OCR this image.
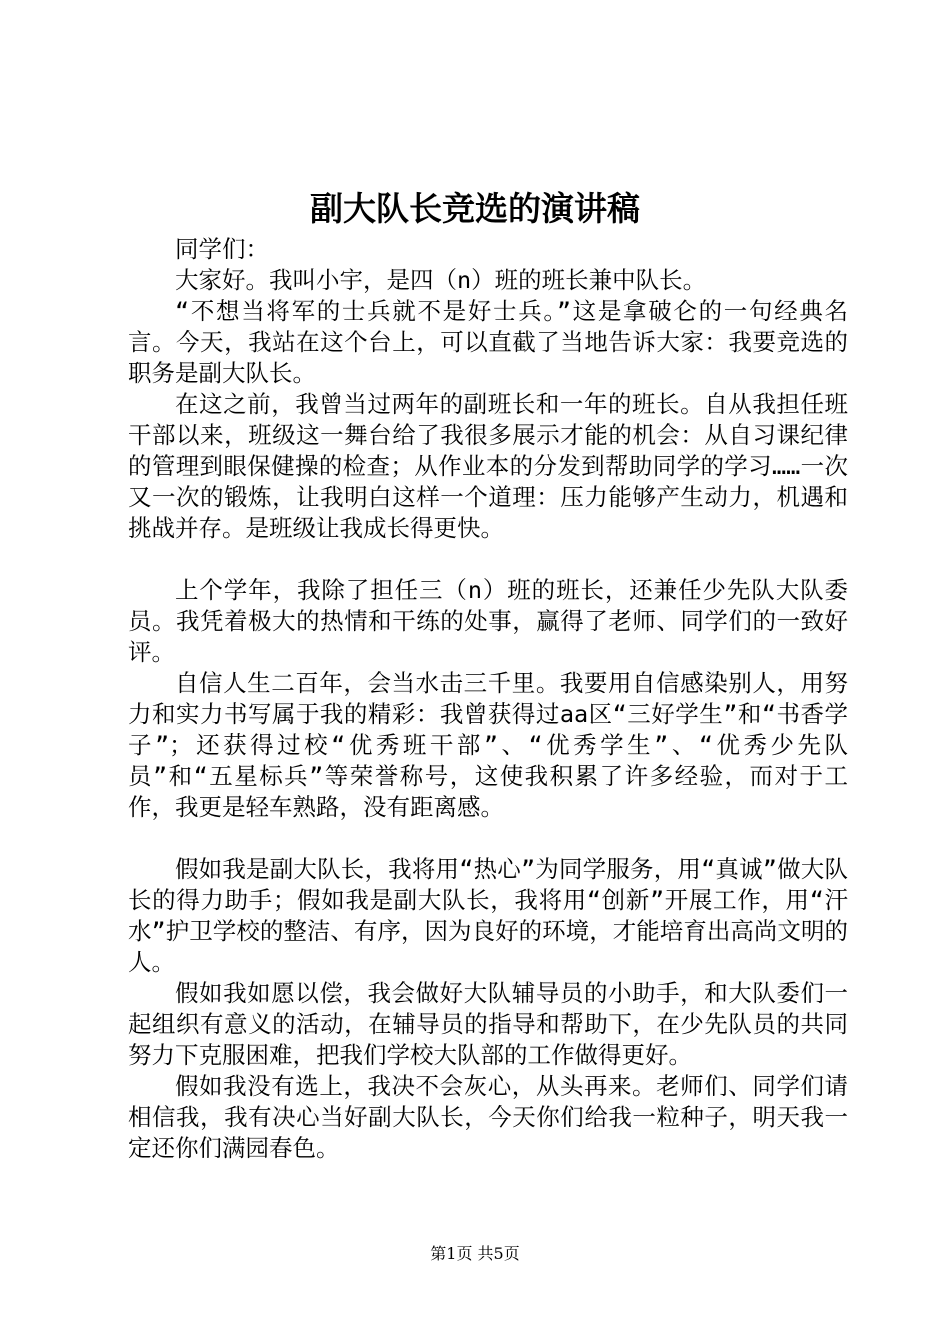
副大队长竞选的演讲稿

同学们：

大家好。我叫小宇，是四（n）班的班长兼中队长。

“不想当将军的士兵就不是好士兵。”这是拿破仑的一句经典名言。今天，我站在这个台上，可以直截了当地告诉大家：我要竞选的职务是副大队长。

在这之前，我曾当过两年的副班长和一年的班长。自从我担任班干部以来，班级这一舞台给了我很多展示才能的机会：从自习课纪律的管理到眼保健操的检查；从作业本的分发到帮助同学的学习……一次又一次的锻炼，让我明白这样一个道理：压力能够产生动力，机遇和挑战并存。是班级让我成长得更快。

上个学年，我除了担任三（n）班的班长，还兼任少先队大队委员。我凭着极大的热情和干练的处事，赢得了老师、同学们的一致好评。

自信人生二百年，会当水击三千里。我要用自信感染别人，用努力和实力书写属于我的精彩：我曾获得过aa区“三好学生”和“书香学子”；还获得过校“优秀班干部”、“优秀学生”、“优秀少先队员”和“五星标兵”等荣誉称号，这使我积累了许多经验，而对于工作，我更是轻车熟路，没有距离感。

假如我是副大队长，我将用“热心”为同学服务，用“真诚”做大队长的得力助手；假如我是副大队长，我将用“创新”开展工作，用“汗水”护卫学校的整洁、有序，因为良好的环境，才能培育出高尚文明的人。

假如我如愿以偿，我会做好大队辅导员的小助手，和大队委们一起组织有意义的活动，在辅导员的指导和帮助下，在少先队员的共同努力下克服困难，把我们学校大队部的工作做得更好。

假如我没有选上，我决不会灰心，从头再来。老师们、同学们请相信我，我有决心当好副大队长，今天你们给我一粒种子，明天我一定还你们满园春色。

第1页 共5页
